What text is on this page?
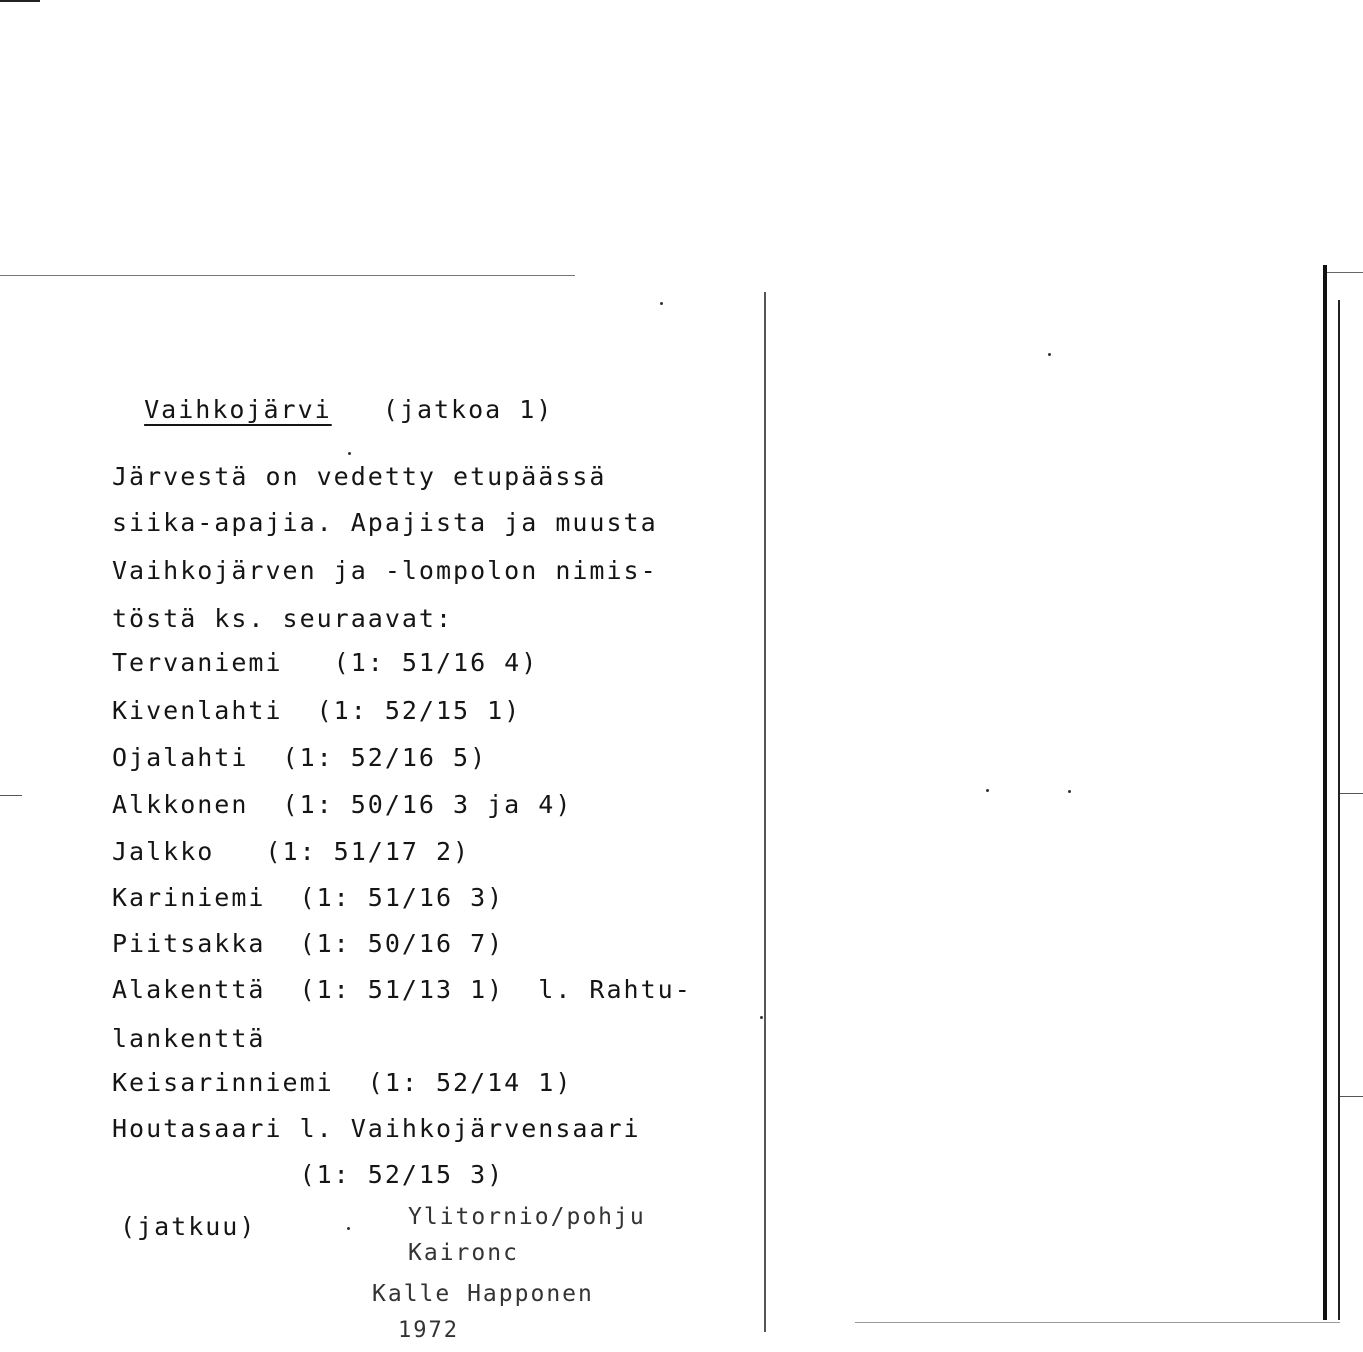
Vaihkojärvi (jatkoa 1)

Järvestä on vedetty etupäässä
siika-apajia. Apajista ja muusta
Vaihkojärven ja -lompolon nimis-
töstä ks. seuraavat:
Tervaniemi   (1: 51/16 4)
Kivenlahti  (1: 52/15 1)
Ojalahti  (1: 52/16 5)
Alkkonen  (1: 50/16 3 ja 4)
Jalkko   (1: 51/17 2)
Kariniemi  (1: 51/16 3)
Piitsakka  (1: 50/16 7)
Alakenttä  (1: 51/13 1)  l. Rahtu-
lankenttä
Keisarinniemi  (1: 52/14 1)
Houtasaari l. Vaihkojärvensaari
(1: 52/15 3)
(jatkuu)	Ylitornio/pohju
Kaironc
Kalle Happonen
1972
